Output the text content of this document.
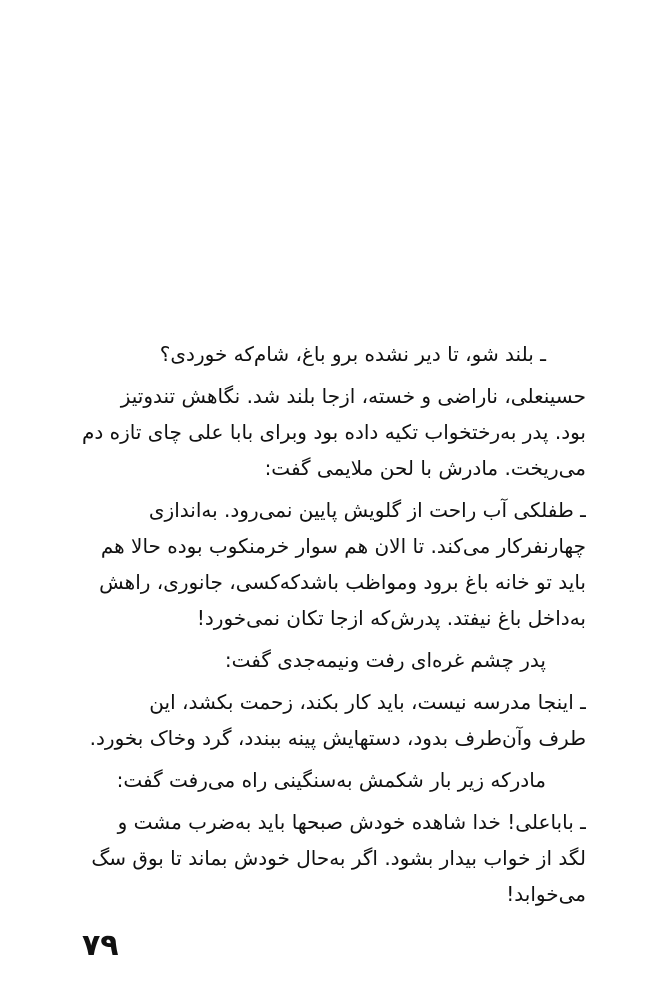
ـ بلند شو، تا دیر نشده برو باغ، شام‌که خوردی؟
حسینعلی، ناراضی و خسته، ازجا بلند شد. نگاهش تندوتیز
بود. پدر به‌رختخواب تکیه داده بود وبرای بابا علی چای تازه دم
می‌ریخت. مادرش با لحن ملایمی گفت:
ـ طفلکی آب راحت از گلویش پایین نمی‌رود. به‌اندازی
چهارنفرکار می‌کند. تا الان هم سوار خرمنکوب بوده حالا هم
باید تو خانه باغ برود ومواظب باشدکه‌کسی، جانوری، راهش
به‌داخل باغ نیفتد. پدرش‌که ازجا تکان نمی‌خورد!
پدر چشم غره‌ای رفت ونیمه‌جدی گفت:
ـ اینجا مدرسه نیست، باید کار بکند، زحمت بکشد، این
طرف وآن‌طرف بدود، دستهایش پینه ببندد، گرد وخاک بخورد.
مادرکه زیر بار شکمش به‌سنگینی راه می‌رفت گفت:
ـ باباعلی! خدا شاهده خودش صبحها باید به‌ضرب مشت و
لگد از خواب بیدار بشود. اگر به‌حال خودش بماند تا بوق سگ
می‌خوابد!
۷۹
